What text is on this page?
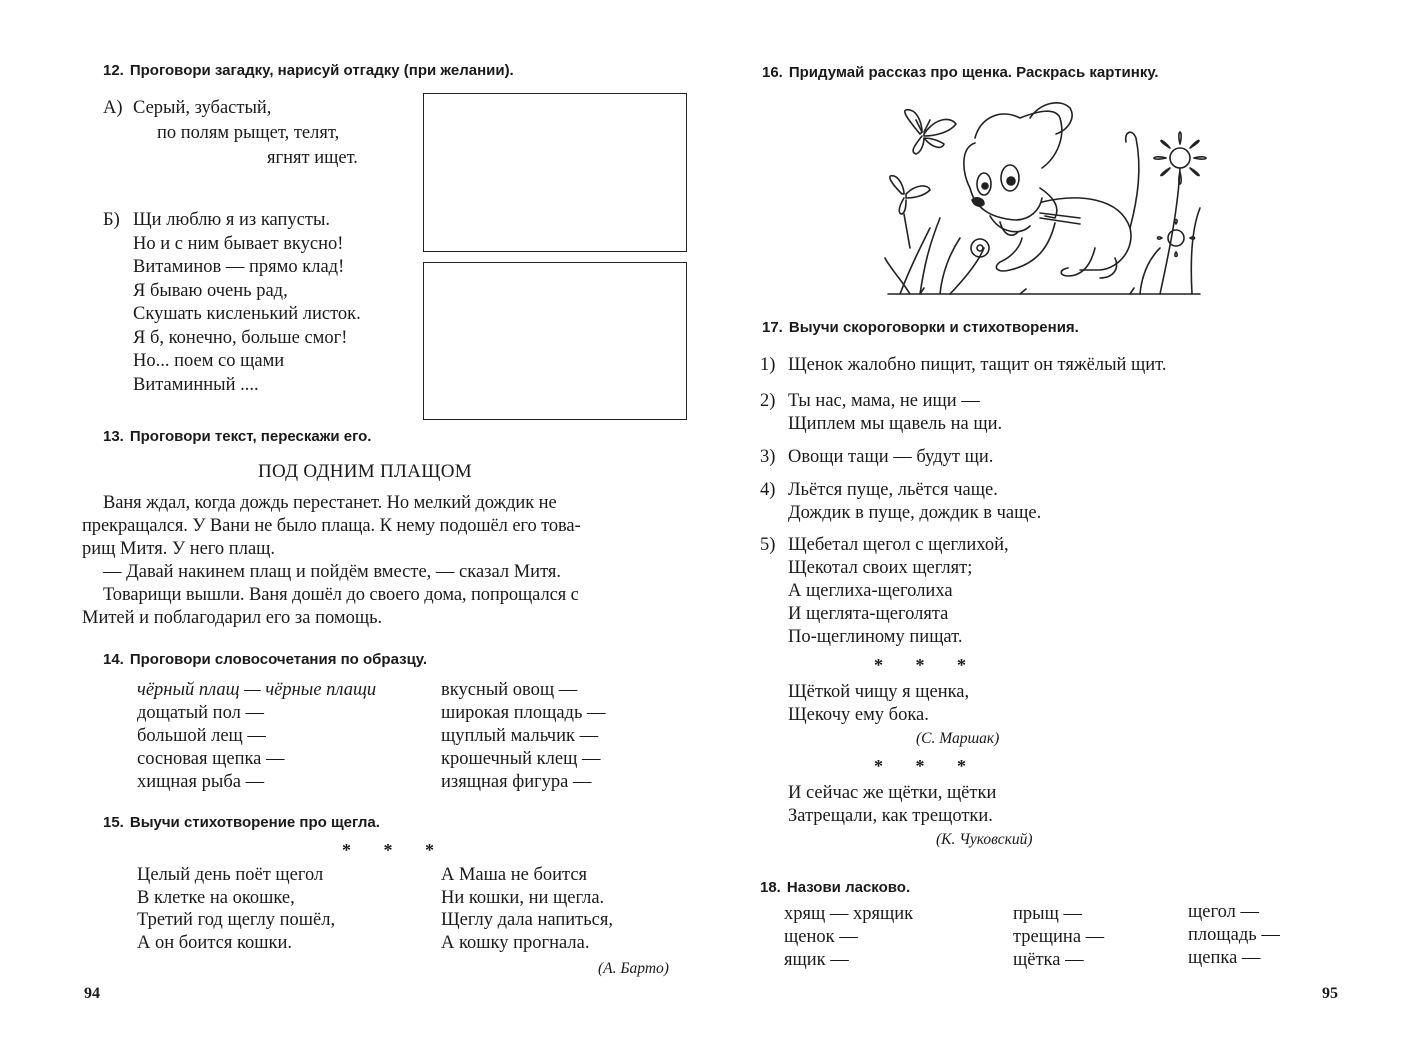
12. Проговори загадку, нарисуй отгадку (при желании).
А) Серый, зубастый,
по полям рыщет, телят,
ягнят ищет.
Б) Щи люблю я из капусты.
Но и с ним бывает вкусно!
Витаминов — прямо клад!
Я бываю очень рад,
Скушать кисленький листок.
Я б, конечно, больше смог!
Но... поем со щами
Витаминный ....
13. Проговори текст, перескажи его.
ПОД ОДНИМ ПЛАЩОМ
Ваня ждал, когда дождь перестанет. Но мелкий дождик не
прекращался. У Вани не было плаща. К нему подошёл его това-
рищ Митя. У него плащ.
— Давай накинем плащ и пойдём вместе, — сказал Митя.
Товарищи вышли. Ваня дошёл до своего дома, попрощался с
Митей и поблагодарил его за помощь.
14. Проговори словосочетания по образцу.
чёрный плащ — чёрные плащи
дощатый пол —
большой лещ —
сосновая щепка —
хищная рыба —
вкусный овощ —
широкая площадь —
щуплый мальчик —
крошечный клещ —
изящная фигура —
15. Выучи стихотворение про щегла.
* * *
Целый день поёт щегол
В клетке на окошке,
Третий год щеглу пошёл,
А он боится кошки.
А Маша не боится
Ни кошки, ни щегла.
Щеглу дала напиться,
А кошку прогнала.
(А. Барто)
94
16. Придумай рассказ про щенка. Раскрась картинку.
17. Выучи скороговорки и стихотворения.
1) Щенок жалобно пищит, тащит он тяжёлый щит.
2) Ты нас, мама, не ищи —
Щиплем мы щавель на щи.
3) Овощи тащи — будут щи.
4) Льётся пуще, льётся чаще.
Дождик в пуще, дождик в чаще.
5) Щебетал щегол с щеглихой,
Щекотал своих щеглят;
А щеглиха-щеголиха
И щеглята-щеголята
По-щеглиному пищат.
* * *
Щёткой чищу я щенка,
Щекочу ему бока.
(С. Маршак)
* * *
И сейчас же щётки, щётки
Затрещали, как трещотки.
(К. Чуковский)
18. Назови ласково.
хрящ — хрящик
щенок —
ящик —
прыщ —
трещина —
щётка —
щегол —
площадь —
щепка —
95
